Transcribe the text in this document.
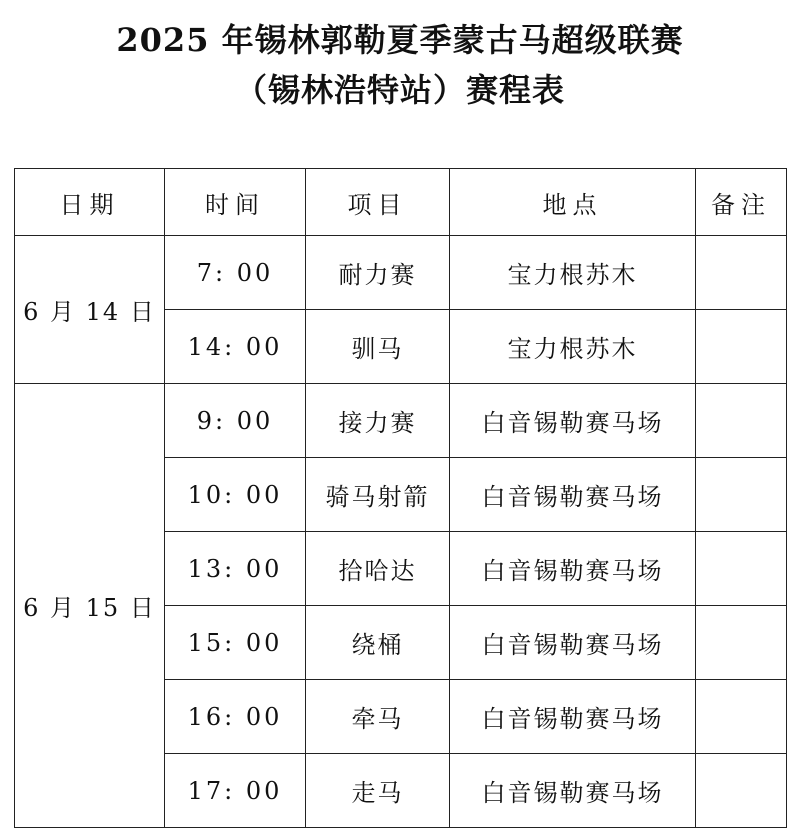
2025 年锡林郭勒夏季蒙古马超级联赛
（锡林浩特站）赛程表
日期	时间	项目	地点	备注
6 月 14 日	7: 00	耐力赛	宝力根苏木	
	14: 00	驯马	宝力根苏木	
6 月 15 日	9: 00	接力赛	白音锡勒赛马场	
	10: 00	骑马射箭	白音锡勒赛马场	
	13: 00	拾哈达	白音锡勒赛马场	
	15: 00	绕桶	白音锡勒赛马场	
	16: 00	牵马	白音锡勒赛马场	
	17: 00	走马	白音锡勒赛马场	
